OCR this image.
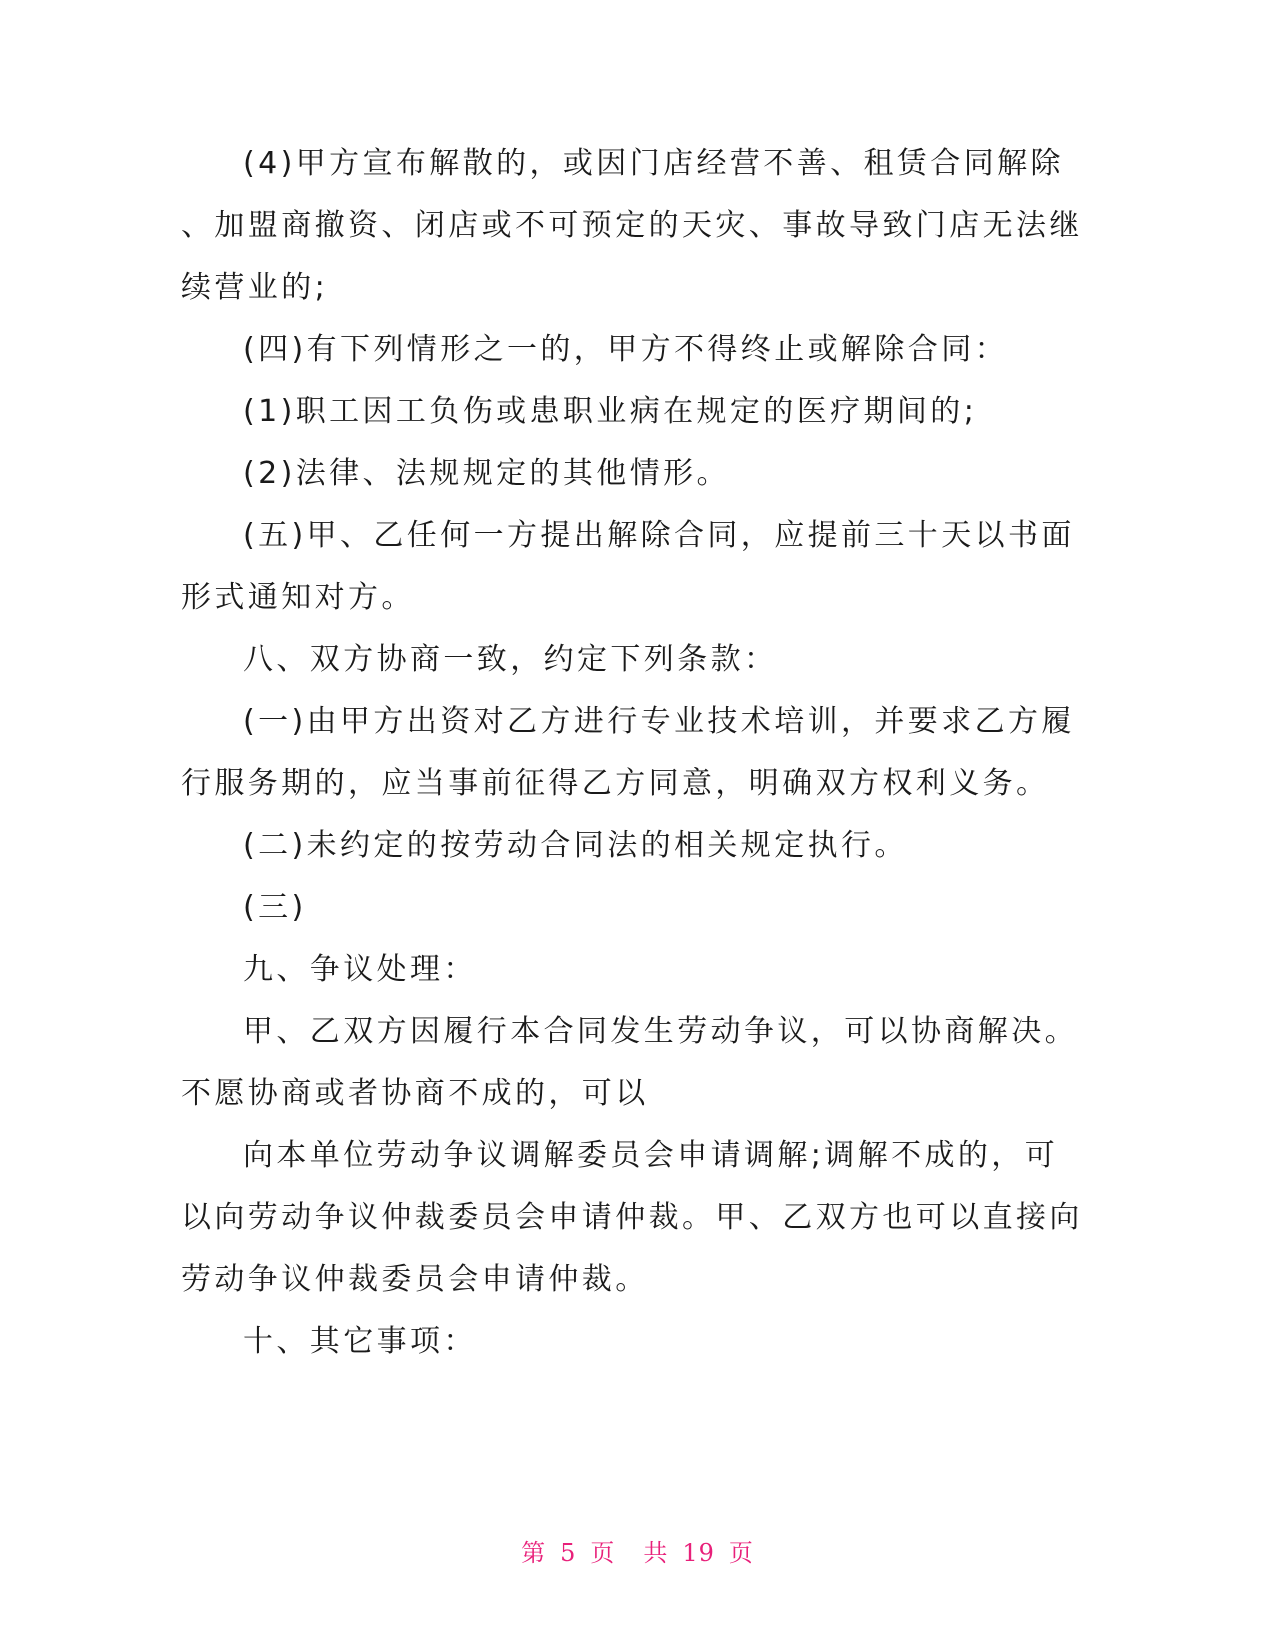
(4)甲方宣布解散的，或因门店经营不善、租赁合同解除
、加盟商撤资、闭店或不可预定的天灾、事故导致门店无法继
续营业的;
(四)有下列情形之一的，甲方不得终止或解除合同：
(1)职工因工负伤或患职业病在规定的医疗期间的;
(2)法律、法规规定的其他情形。
(五)甲、乙任何一方提出解除合同，应提前三十天以书面
形式通知对方。
八、双方协商一致，约定下列条款：
(一)由甲方出资对乙方进行专业技术培训，并要求乙方履
行服务期的，应当事前征得乙方同意，明确双方权利义务。
(二)未约定的按劳动合同法的相关规定执行。
(三)
九、争议处理：
甲、乙双方因履行本合同发生劳动争议，可以协商解决。
不愿协商或者协商不成的，可以
向本单位劳动争议调解委员会申请调解;调解不成的，可
以向劳动争议仲裁委员会申请仲裁。甲、乙双方也可以直接向
劳动争议仲裁委员会申请仲裁。
十、其它事项：
第 5 页 共 19 页
